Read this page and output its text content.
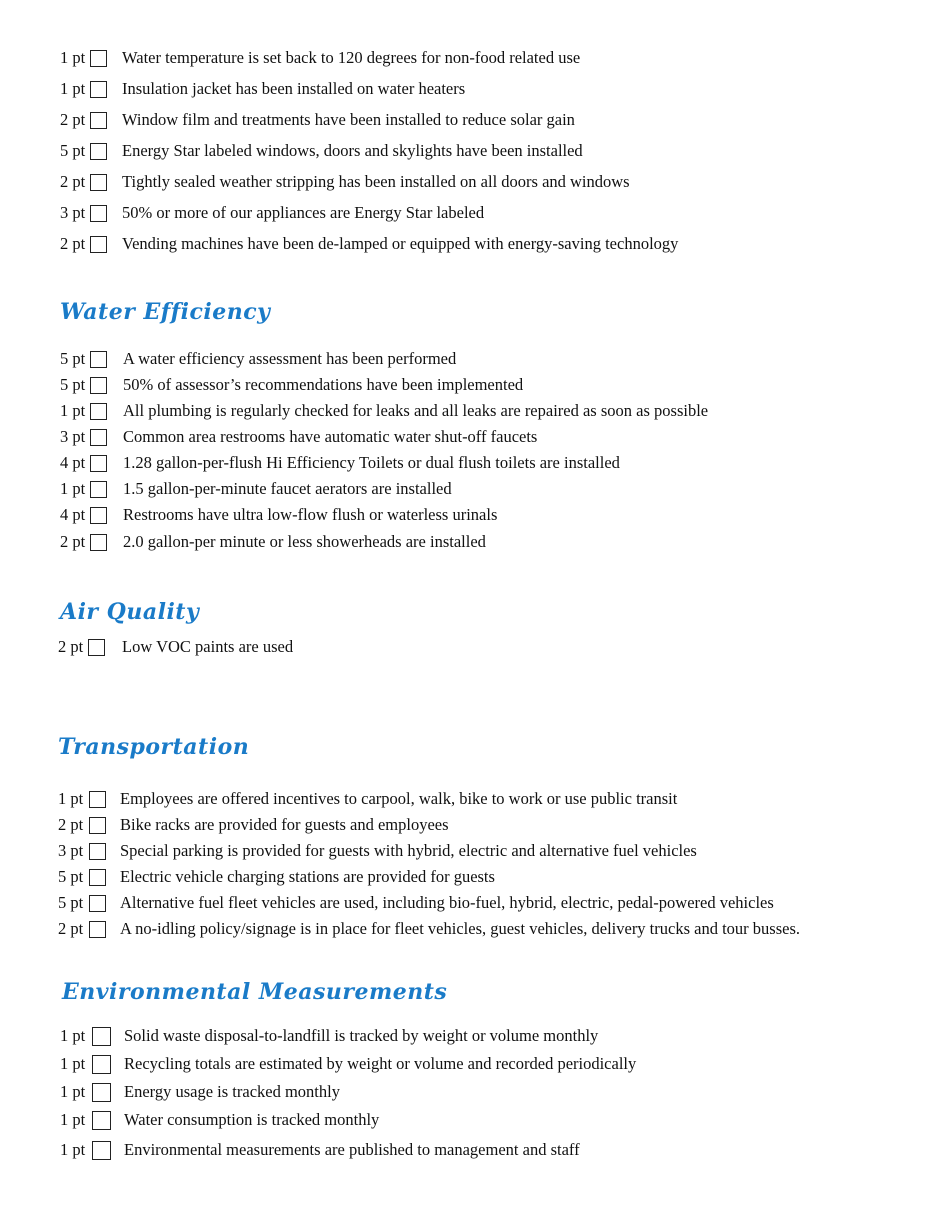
1 pt Water temperature is set back to 120 degrees for non-food related use
1 pt Insulation jacket has been installed on water heaters
2 pt Window film and treatments have been installed to reduce solar gain
5 pt Energy Star labeled windows, doors and skylights have been installed
2 pt Tightly sealed weather stripping has been installed on all doors and windows
3 pt 50% or more of our appliances are Energy Star labeled
2 pt Vending machines have been de-lamped or equipped with energy-saving technology
Water Efficiency
5 pt A water efficiency assessment has been performed
5 pt 50% of assessor’s recommendations have been implemented
1 pt All plumbing is regularly checked for leaks and all leaks are repaired as soon as possible
3 pt Common area restrooms have automatic water shut-off faucets
4 pt 1.28 gallon-per-flush Hi Efficiency Toilets or dual flush toilets are installed
1 pt 1.5 gallon-per-minute faucet aerators are installed
4 pt Restrooms have ultra low-flow flush or waterless urinals
2 pt 2.0 gallon-per minute or less showerheads are installed
Air Quality
2 pt Low VOC paints are used
Transportation
1 pt Employees are offered incentives to carpool, walk, bike to work or use public transit
2 pt Bike racks are provided for guests and employees
3 pt Special parking is provided for guests with hybrid, electric and alternative fuel vehicles
5 pt Electric vehicle charging stations are provided for guests
5 pt Alternative fuel fleet vehicles are used, including bio-fuel, hybrid, electric, pedal-powered vehicles
2 pt A no-idling policy/signage is in place for fleet vehicles, guest vehicles, delivery trucks and tour busses.
Environmental Measurements
1 pt Solid waste disposal-to-landfill is tracked by weight or volume monthly
1 pt Recycling totals are estimated by weight or volume and recorded periodically
1 pt Energy usage is tracked monthly
1 pt Water consumption is tracked monthly
1 pt Environmental measurements are published to management and staff
